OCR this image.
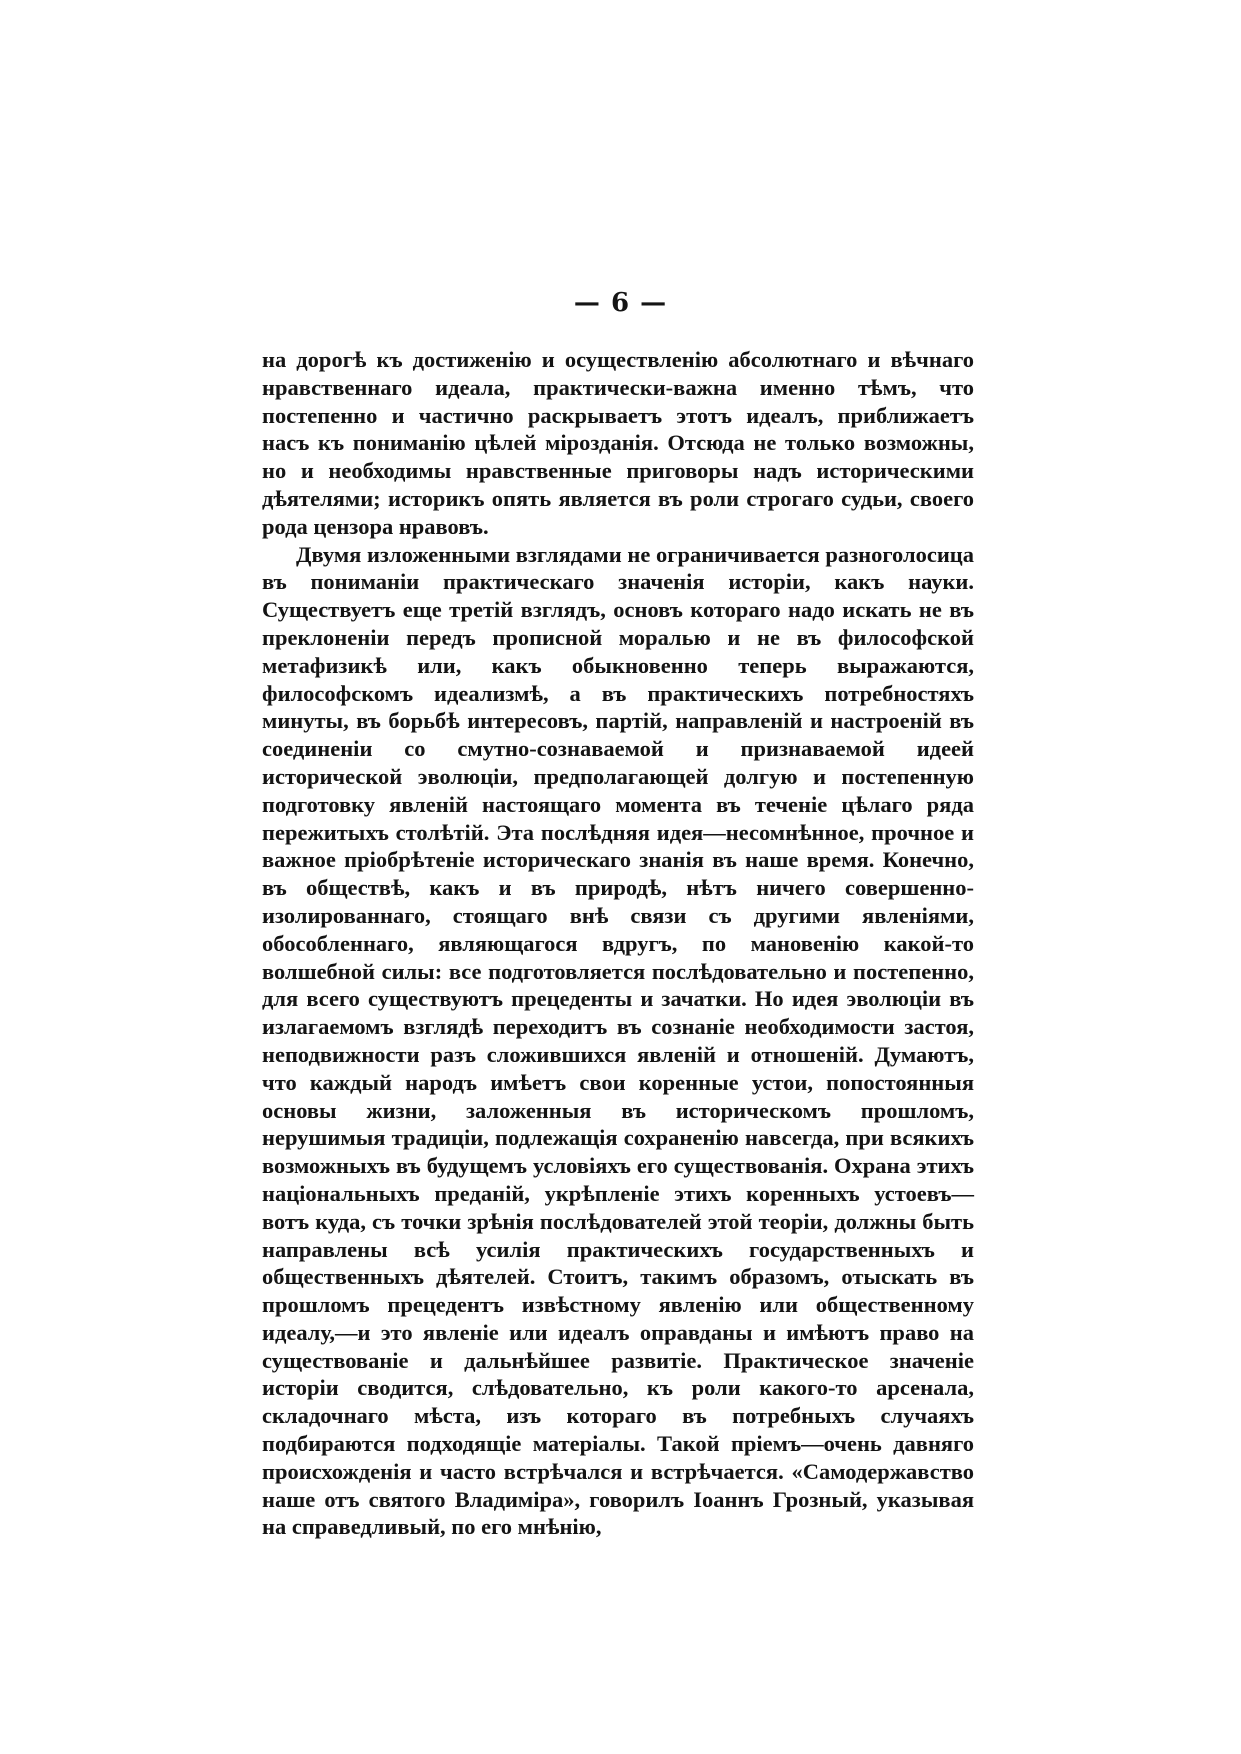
— 6 —

на дорогѣ къ достиженію и осуществленію абсолютнаго и вѣчнаго нравственнаго идеала, практически-важна именно тѣмъ, что постепенно и частично раскрываетъ этотъ идеалъ, приближаетъ насъ къ пониманію цѣлей мірозданія. Отсюда не только возможны, но и необходимы нравственные приговоры надъ историческими дѣятелями; историкъ опять является въ роли строгаго судьи, своего рода цензора нравовъ.

Двумя изложенными взглядами не ограничивается разноголосица въ пониманіи практическаго значенія исторіи, какъ науки. Существуетъ еще третій взглядъ, основъ котораго надо искать не въ преклоненіи передъ прописной моралью и не въ философской метафизикѣ или, какъ обыкновенно теперь выражаются, философскомъ идеализмѣ, а въ практическихъ потребностяхъ минуты, въ борьбѣ интересовъ, партій, направленій и настроеній въ соединеніи со смутно-сознаваемой и признаваемой идеей исторической эволюціи, предполагающей долгую и постепенную подготовку явленій настоящаго момента въ теченіе цѣлаго ряда пережитыхъ столѣтій. Эта послѣдняя идея—несомнѣнное, прочное и важное пріобрѣтеніе историческаго знанія въ наше время. Конечно, въ обществѣ, какъ и въ природѣ, нѣтъ ничего совершенно-изолированнаго, стоящаго внѣ связи съ другими явленіями, обособленнаго, являющагося вдругъ, по мановенію какой-то волшебной силы: все подготовляется послѣдовательно и постепенно, для всего существуютъ прецеденты и зачатки. Но идея эволюціи въ излагаемомъ взглядѣ переходитъ въ сознаніе необходимости застоя, неподвижности разъ сложившихся явленій и отношеній. Думаютъ, что каждый народъ имѣетъ свои коренные устои, попостоянныя основы жизни, заложенныя въ историческомъ прошломъ, нерушимыя традиціи, подлежащія сохраненію навсегда, при всякихъ возможныхъ въ будущемъ условіяхъ его существованія. Охрана этихъ національныхъ преданій, укрѣпленіе этихъ коренныхъ устоевъ—вотъ куда, съ точки зрѣнія послѣдователей этой теоріи, должны быть направлены всѣ усилія практическихъ государственныхъ и общественныхъ дѣятелей. Стоитъ, такимъ образомъ, отыскать въ прошломъ прецедентъ извѣстному явленію или общественному идеалу,—и это явленіе или идеалъ оправданы и имѣютъ право на существованіе и дальнѣйшее развитіе. Практическое значеніе исторіи сводится, слѣдовательно, къ роли какого-то арсенала, складочнаго мѣста, изъ котораго въ потребныхъ случаяхъ подбираются подходящіе матеріалы. Такой пріемъ—очень давняго происхожденія и часто встрѣчался и встрѣчается. «Самодержавство наше отъ святого Владиміра», говорилъ Іоаннъ Грозный, указывая на справедливый, по его мнѣнію,
